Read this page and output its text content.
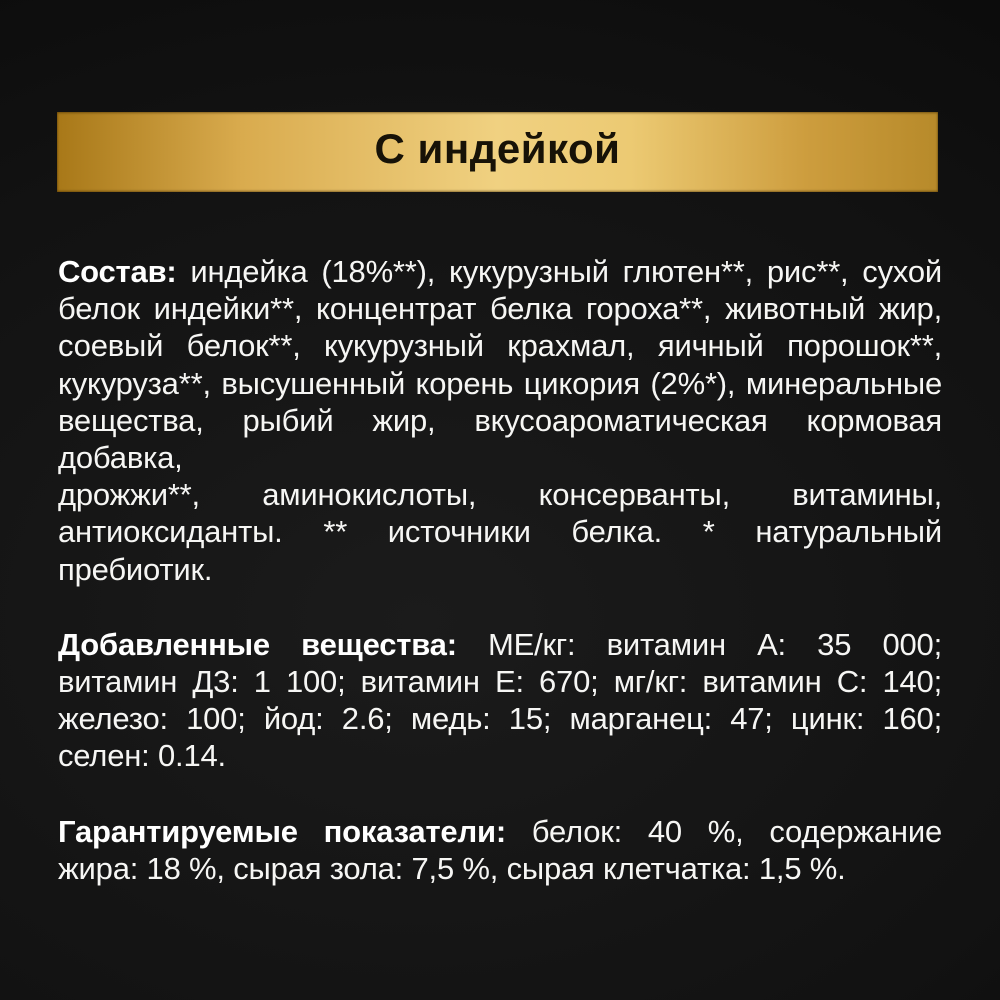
С индейкой
Состав: индейка (18%**), кукурузный глютен**, рис**, сухой
белок индейки**, концентрат белка гороха**, животный жир,
соевый белок**, кукурузный крахмал, яичный порошок**,
кукуруза**, высушенный корень цикория (2%*), минеральные
вещества, рыбий жир, вкусоароматическая кормовая добавка,
дрожжи**, аминокислоты, консерванты, витамины,
антиоксиданты. ** источники белка. * натуральный пребиотик.
Добавленные вещества: МЕ/кг: витамин А: 35 000;
витамин Д3: 1 100; витамин Е: 670; мг/кг: витамин С: 140;
железо: 100; йод: 2.6; медь: 15; марганец: 47; цинк: 160;
селен: 0.14.
Гарантируемые показатели: белок: 40 %, содержание
жира: 18 %, сырая зола: 7,5 %, сырая клетчатка: 1,5 %.
